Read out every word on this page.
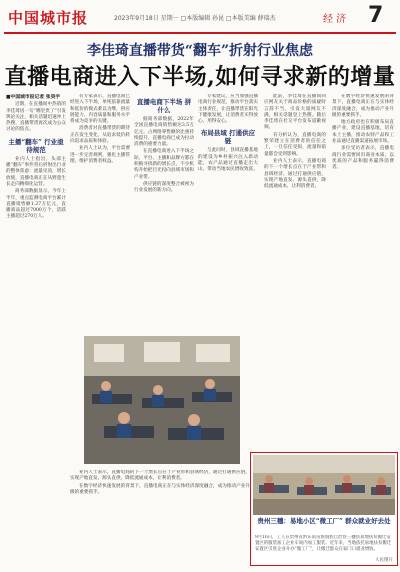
中国城市报	2023年9月18日 星期一 □本版编辑 孙昆 □本版美编 薛瑞杰	经 济 7
李佳琦直播带货“翻车”折射行业焦虑
直播电商进入下半场,如何寻求新的增量
■中国城市报记者 张昊宇

近期，在直播间中热销的李佳琦因一句“哪里贵了”引发舆论关注，相关话题迅速冲上热搜，直播带货再次成为公众讨论的焦点。

主播“翻车” 行业亟待规范

业内人士指出，头部主播“翻车”事件背后折射出行业的整体焦虑：流量见顶，增长放缓，直播电商正在从野蛮生长走向精细化运营。

商务部数据显示，今年上半年，重点监测电商平台累计直播销售额1.27万亿元，直播商品超过7000万个，活跃主播超过270万人。

有专家表示，直播电商已经进入下半场，单纯依靠流量和低价的模式难以为继，供应链能力、内容质量和服务水平将成为竞争的关键。

消费者对直播带货的期待正在发生变化，从追求低价转向追求品质和体验。

业内人士认为，平台需要进一步完善规则，强化主播管理，维护消费者权益。

直播电商下半场 拼什么

据商务部数据，2022年全国直播电商销售额达3.5万亿元，占网络零售额的比重持续提升，直播电商已成为拉动消费的重要力量。

在直播电商进入下半场之际，平台、主播和品牌方都在积极寻找新的增长点，不少机构开始把目光投向县域市场和产业带。

供应链的深度整合被视为行业发展的新方向。

专家建议，应当加强直播电商行业规范，推动平台落实主体责任，让直播带货在阳光下健康发展，让消费者买得放心、用得安心。

布局县域 打通供应链

与此同时，县域直播基地的建设为乡村振兴注入新动能，农产品通过直播走出大山，带动当地农民增收致富。

此前，李佳琦在直播间回应网友关于商品价格的质疑时言辞不当，引发大量网友不满，相关话题登上热搜。随后李佳琦在社交平台发布道歉视频。

有分析认为，直播电商的繁荣建立在消费者的信任之上，一旦信任受损，流量和销量都会受到影响。

业内人士表示，直播电商的下一个增长点在于产业带和县域经济，通过打通供应链，实现产地直发、源头直供，降低流通成本，让利消费者。

在数字经济快速发展的背景下，直播电商正在与实体经济深度融合，成为推动产业升级的重要抓手。

地方政府也在积极布局直播产业，建设直播基地，培育本土主播，推动农特产品和工业品通过直播渠道拓展市场。

多位受访者表示，直播电商行业需要回归商业本质，以优质的产品和服务赢得消费者。

业内人士表示，直播电商的下一个增长点在于产业带和县域经济，通过打通供应链，实现产地直发、源头直供，降低流通成本，让利消费者。

在数字经济快速发展的背景下，直播电商正在与实体经济深度融合，成为推动产业升级的重要抓手。

贵州三穗：易地小区“微工厂” 群众就业好去处
9月16日，工人在贵州省黔东南苗族侗族自治县三穗县易地扶贫搬迁安置区的服装加工企业车间内加工服装。近年来，当地依托易地扶贫搬迁安置区引进企业开办“微工厂”，让搬迁群众在家门口就业增收。
人民图片
